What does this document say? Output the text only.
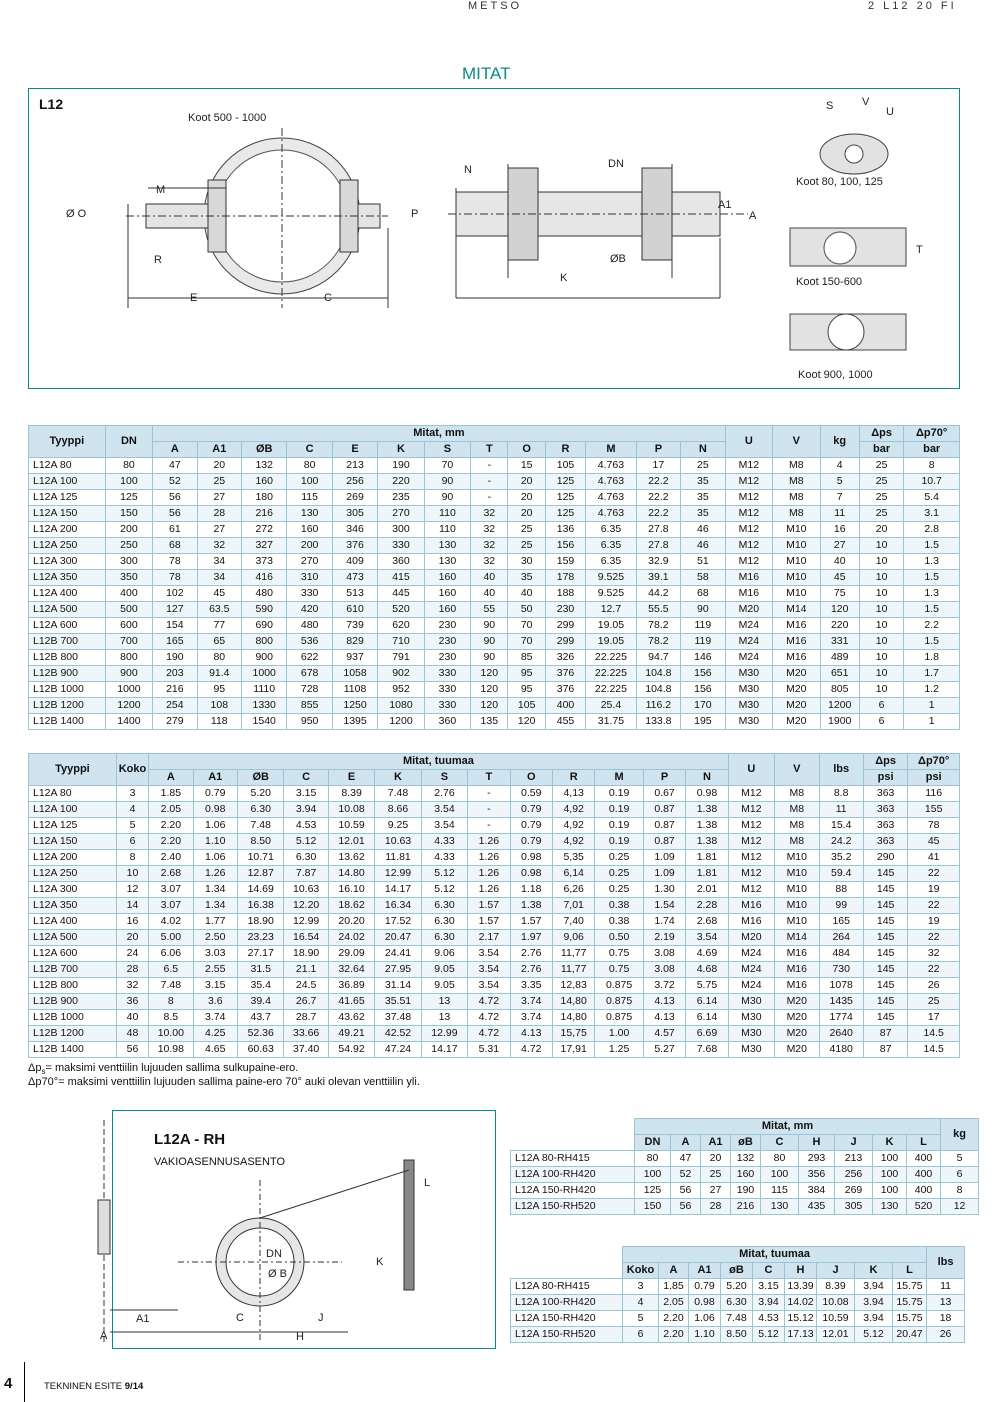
METSO	2 L12 20 FI
MITAT
L12
Koot 500 - 1000
Ø O
M
R
E	C
P
N	DN
A1
A
K
ØB
S	V
U
T
Koot 80, 100, 125
Koot 150-600
Koot 900, 1000
Tyyppi	DN	Mitat, mm													U	V	kg	Δps	Δp70°
		A	A1	ØB	C	E	K	S	T	O	R	M	P	N				bar	bar
L12A 80	80	47	20	132	80	213	190	70	-	15	105	4.763	17	25	M12	M8	4	25	8
L12A 100	100	52	25	160	100	256	220	90	-	20	125	4.763	22.2	35	M12	M8	5	25	10.7
L12A 125	125	56	27	180	115	269	235	90	-	20	125	4.763	22.2	35	M12	M8	7	25	5.4
L12A 150	150	56	28	216	130	305	270	110	32	20	125	4.763	22.2	35	M12	M8	11	25	3.1
L12A 200	200	61	27	272	160	346	300	110	32	25	136	6.35	27.8	46	M12	M10	16	20	2.8
L12A 250	250	68	32	327	200	376	330	130	32	25	156	6.35	27.8	46	M12	M10	27	10	1.5
L12A 300	300	78	34	373	270	409	360	130	32	30	159	6.35	32.9	51	M12	M10	40	10	1.3
L12A 350	350	78	34	416	310	473	415	160	40	35	178	9.525	39.1	58	M16	M10	45	10	1.5
L12A 400	400	102	45	480	330	513	445	160	40	40	188	9.525	44.2	68	M16	M10	75	10	1.3
L12A 500	500	127	63.5	590	420	610	520	160	55	50	230	12.7	55.5	90	M20	M14	120	10	1.5
L12A 600	600	154	77	690	480	739	620	230	90	70	299	19.05	78.2	119	M24	M16	220	10	2.2
L12B 700	700	165	65	800	536	829	710	230	90	70	299	19.05	78.2	119	M24	M16	331	10	1.5
L12B 800	800	190	80	900	622	937	791	230	90	85	326	22.225	94.7	146	M24	M16	489	10	1.8
L12B 900	900	203	91.4	1000	678	1058	902	330	120	95	376	22.225	104.8	156	M30	M20	651	10	1.7
L12B 1000	1000	216	95	1110	728	1108	952	330	120	95	376	22.225	104.8	156	M30	M20	805	10	1.2
L12B 1200	1200	254	108	1330	855	1250	1080	330	120	105	400	25.4	116.2	170	M30	M20	1200	6	1
L12B 1400	1400	279	118	1540	950	1395	1200	360	135	120	455	31.75	133.8	195	M30	M20	1900	6	1
Tyyppi	Koko	Mitat, tuumaa													U	V	lbs	Δps	Δp70°
		A	A1	ØB	C	E	K	S	T	O	R	M	P	N				psi	psi
L12A 80	3	1.85	0.79	5.20	3.15	8.39	7.48	2.76	-	0.59	4,13	0.19	0.67	0.98	M12	M8	8.8	363	116
L12A 100	4	2.05	0.98	6.30	3.94	10.08	8.66	3.54	-	0.79	4,92	0.19	0.87	1.38	M12	M8	11	363	155
L12A 125	5	2.20	1.06	7.48	4.53	10.59	9.25	3.54	-	0.79	4,92	0.19	0.87	1.38	M12	M8	15.4	363	78
L12A 150	6	2.20	1.10	8.50	5.12	12.01	10.63	4.33	1.26	0.79	4,92	0.19	0.87	1.38	M12	M8	24.2	363	45
L12A 200	8	2.40	1.06	10.71	6.30	13.62	11.81	4.33	1.26	0.98	5,35	0.25	1.09	1.81	M12	M10	35.2	290	41
L12A 250	10	2.68	1.26	12.87	7.87	14.80	12.99	5.12	1.26	0.98	6,14	0.25	1.09	1.81	M12	M10	59.4	145	22
L12A 300	12	3.07	1.34	14.69	10.63	16.10	14.17	5.12	1.26	1.18	6,26	0.25	1.30	2.01	M12	M10	88	145	19
L12A 350	14	3.07	1.34	16.38	12.20	18.62	16.34	6.30	1.57	1.38	7,01	0.38	1.54	2.28	M16	M10	99	145	22
L12A 400	16	4.02	1.77	18.90	12.99	20.20	17.52	6.30	1.57	1.57	7,40	0.38	1.74	2.68	M16	M10	165	145	19
L12A 500	20	5.00	2.50	23.23	16.54	24.02	20.47	6.30	2.17	1.97	9,06	0.50	2.19	3.54	M20	M14	264	145	22
L12A 600	24	6.06	3.03	27.17	18.90	29.09	24.41	9.06	3.54	2.76	11,77	0.75	3.08	4.69	M24	M16	484	145	32
L12B 700	28	6.5	2.55	31.5	21.1	32.64	27.95	9.05	3.54	2.76	11,77	0.75	3.08	4.68	M24	M16	730	145	22
L12B 800	32	7.48	3.15	35.4	24.5	36.89	31.14	9.05	3.54	3.35	12,83	0.875	3.72	5.75	M24	M16	1078	145	26
L12B 900	36	8	3.6	39.4	26.7	41.65	35.51	13	4.72	3.74	14,80	0.875	4.13	6.14	M30	M20	1435	145	25
L12B 1000	40	8.5	3.74	43.7	28.7	43.62	37.48	13	4.72	3.74	14,80	0.875	4.13	6.14	M30	M20	1774	145	17
L12B 1200	48	10.00	4.25	52.36	33.66	49.21	42.52	12.99	4.72	4.13	15,75	1.00	4.57	6.69	M30	M20	2640	87	14.5
L12B 1400	56	10.98	4.65	60.63	37.40	54.92	47.24	14.17	5.31	4.72	17,91	1.25	5.27	7.68	M30	M20	4180	87	14.5
$\Delta p_s=$ maksimi venttiilin lujuuden sallima sulkupaine-ero.
Δp70°= maksimi venttiilin lujuuden sallima paine-ero 70° auki olevan venttiilin yli.
L12A - RH
VAKIOASENNUSASENTO
DN
Ø B
K
L
A
A1	C	J
H
	Mitat, mm									kg
	DN	A	A1	øB	C	H	J	K	L	
L12A 80-RH415	80	47	20	132	80	293	213	100	400	5
L12A 100-RH420	100	52	25	160	100	356	256	100	400	6
L12A 150-RH420	125	56	27	190	115	384	269	100	400	8
L12A 150-RH520	150	56	28	216	130	435	305	130	520	12
	Mitat, tuumaa									lbs
	Koko	A	A1	øB	C	H	J	K	L	
L12A 80-RH415	3	1.85	0.79	5.20	3.15	13.39	8.39	3.94	15.75	11
L12A 100-RH420	4	2.05	0.98	6.30	3.94	14.02	10.08	3.94	15.75	13
L12A 150-RH420	5	2.20	1.06	7.48	4.53	15.12	10.59	3.94	15.75	18
L12A 150-RH520	6	2.20	1.10	8.50	5.12	17.13	12.01	5.12	20.47	26
4	TEKNINEN ESITE 9/14
